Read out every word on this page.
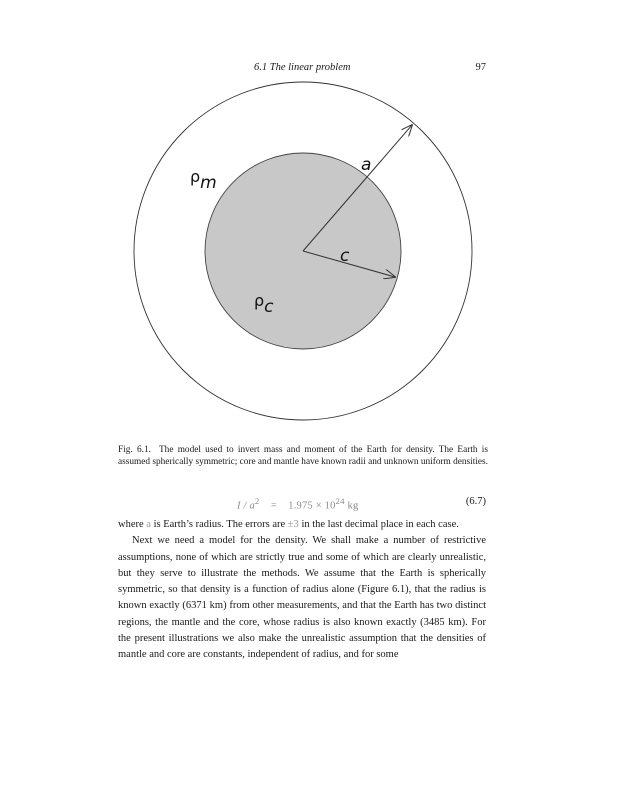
6.1 The linear problem	97
ρm
ρc
a
c
Fig. 6.1. The model used to invert mass and moment of the Earth for density. The Earth is assumed spherically symmetric; core and mantle have known radii and unknown uniform densities.
$I / a^2 = 1.975 \times 10^{24}$ kg	(6.7)

where a is Earth’s radius. The errors are ±3 in the last decimal place in each case.

Next we need a model for the density. We shall make a number of restrictive assumptions, none of which are strictly true and some of which are clearly unrealistic, but they serve to illustrate the methods. We assume that the Earth is spherically symmetric, so that density is a function of radius alone (Figure 6.1), that the radius is known exactly (6371 km) from other measurements, and that the Earth has two distinct regions, the mantle and the core, whose radius is also known exactly (3485 km). For the present illustrations we also make the unrealistic assumption that the densities of mantle and core are constants, independent of radius, and for some
